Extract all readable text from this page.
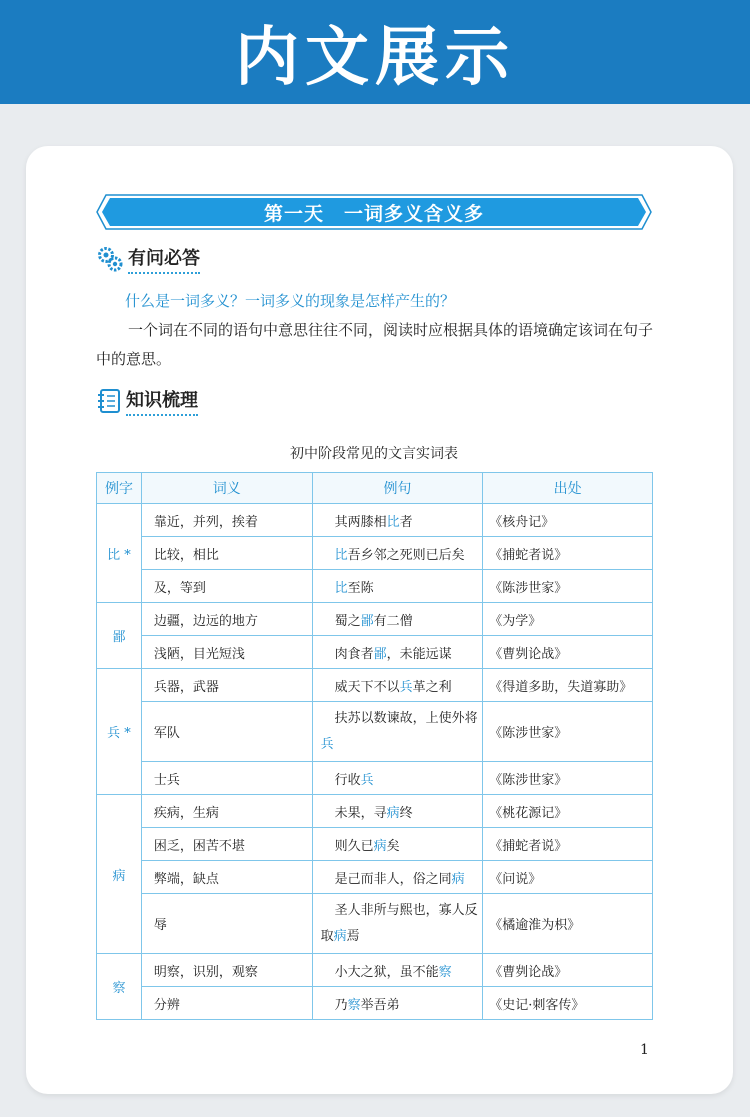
内文展示
第一天　一词多义含义多
有问必答
什么是一词多义？一词多义的现象是怎样产生的？
一个词在不同的语句中意思往往不同，阅读时应根据具体的语境确定该词在句子中的意思。
知识梳理
初中阶段常见的文言实词表
例字	词义	例句	出处
比 *	靠近，并列，挨着	其两膝相比者	《核舟记》
	比较，相比	比吾乡邻之死则已后矣	《捕蛇者说》
	及，等到	比至陈	《陈涉世家》
鄙	边疆，边远的地方	蜀之鄙有二僧	《为学》
	浅陋，目光短浅	肉食者鄙，未能远谋	《曹刿论战》
兵 *	兵器，武器	威天下不以兵革之利	《得道多助，失道寡助》
	军队	扶苏以数谏故，上使外将兵	《陈涉世家》
	士兵	行收兵	《陈涉世家》
病	疾病，生病	未果，寻病终	《桃花源记》
	困乏，困苦不堪	则久已病矣	《捕蛇者说》
	弊端，缺点	是己而非人，俗之同病	《问说》
	辱	圣人非所与熙也，寡人反取病焉	《橘逾淮为枳》
察	明察，识别，观察	小大之狱，虽不能察	《曹刿论战》
	分辨	乃察举吾弟	《史记·刺客传》
1
